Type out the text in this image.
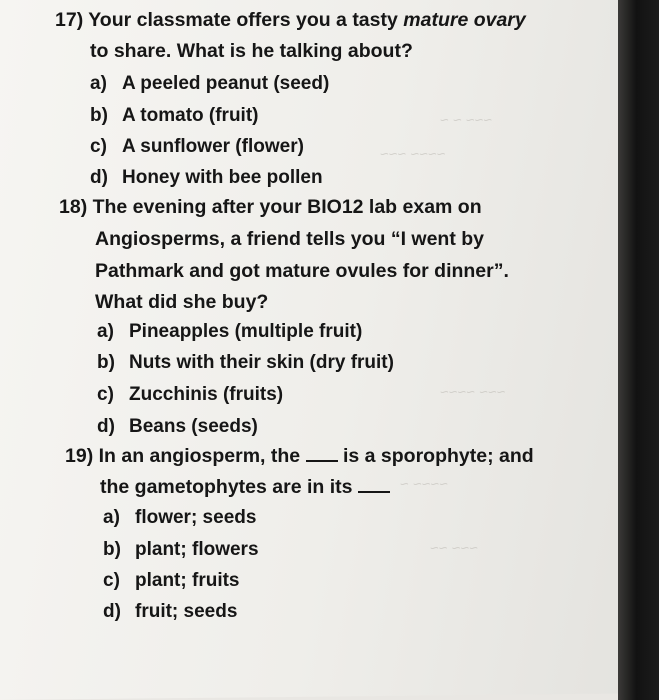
~~~ ~ ~
~~~~ ~~~
~~~ ~~~~
~~~~ ~
~~~ ~~
17) Your classmate offers you a tasty mature ovary
to share. What is he talking about?
a) A peeled peanut (seed)
b) A tomato (fruit)
c) A sunflower (flower)
d) Honey with bee pollen
18) The evening after your BIO12 lab exam on
Angiosperms, a friend tells you “I went by
Pathmark and got mature ovules for dinner”.
What did she buy?
a) Pineapples (multiple fruit)
b) Nuts with their skin (dry fruit)
c) Zucchinis (fruits)
d) Beans (seeds)
19) In an angiosperm, the  is a sporophyte; and
the gametophytes are in its
a) flower; seeds
b) plant; flowers
c) plant; fruits
d) fruit; seeds
